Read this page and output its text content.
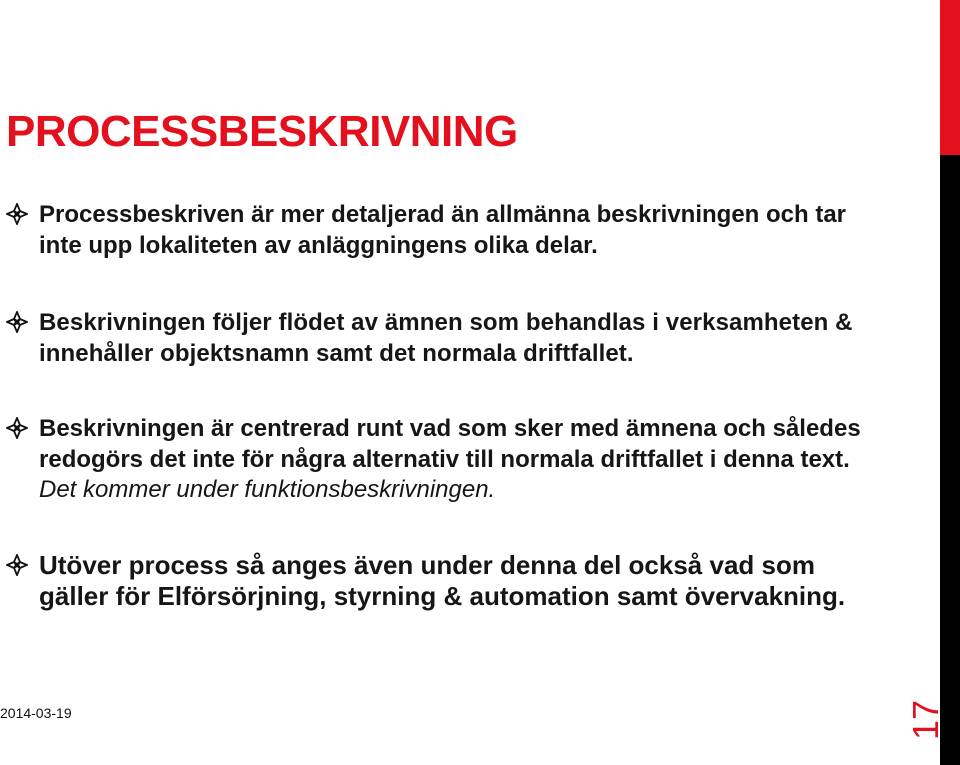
PROCESSBESKRIVNING

Processbeskriven är mer detaljerad än allmänna beskrivningen och tar inte upp lokaliteten av anläggningens olika delar.

Beskrivningen följer flödet av ämnen som behandlas i verksamheten & innehåller objektsnamn samt det normala driftfallet.

Beskrivningen är centrerad runt vad som sker med ämnena och således redogörs det inte för några alternativ till normala driftfallet i denna text. Det kommer under funktionsbeskrivningen.

Utöver process så anges även under denna del också vad som gäller för Elförsörjning, styrning & automation samt övervakning.

2014-03-19	17
